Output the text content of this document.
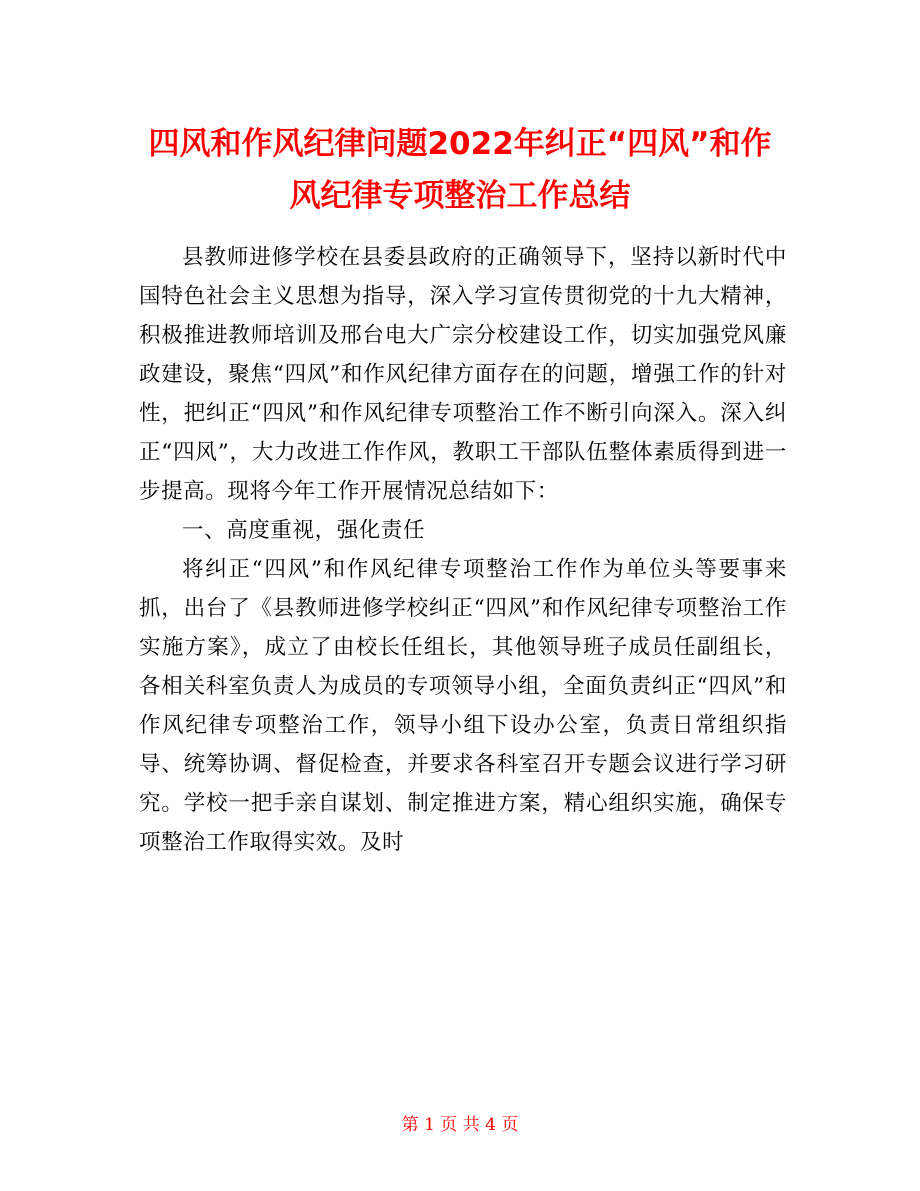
四风和作风纪律问题2022年纠正“四风”和作
风纪律专项整治工作总结

县教师进修学校在县委县政府的正确领导下，坚持以新时代中国特色社会主义思想为指导，深入学习宣传贯彻党的十九大精神，积极推进教师培训及邢台电大广宗分校建设工作，切实加强党风廉政建设，聚焦“四风”和作风纪律方面存在的问题，增强工作的针对性，把纠正“四风”和作风纪律专项整治工作不断引向深入。深入纠正“四风”，大力改进工作作风，教职工干部队伍整体素质得到进一步提高。现将今年工作开展情况总结如下：

一、高度重视，强化责任

将纠正“四风”和作风纪律专项整治工作作为单位头等要事来抓，出台了《县教师进修学校纠正“四风”和作风纪律专项整治工作实施方案》，成立了由校长任组长，其他领导班子成员任副组长，各相关科室负责人为成员的专项领导小组，全面负责纠正“四风”和作风纪律专项整治工作，领导小组下设办公室，负责日常组织指导、统筹协调、督促检查，并要求各科室召开专题会议进行学习研究。学校一把手亲自谋划、制定推进方案，精心组织实施，确保专项整治工作取得实效。及时

第 1 页 共 4 页
